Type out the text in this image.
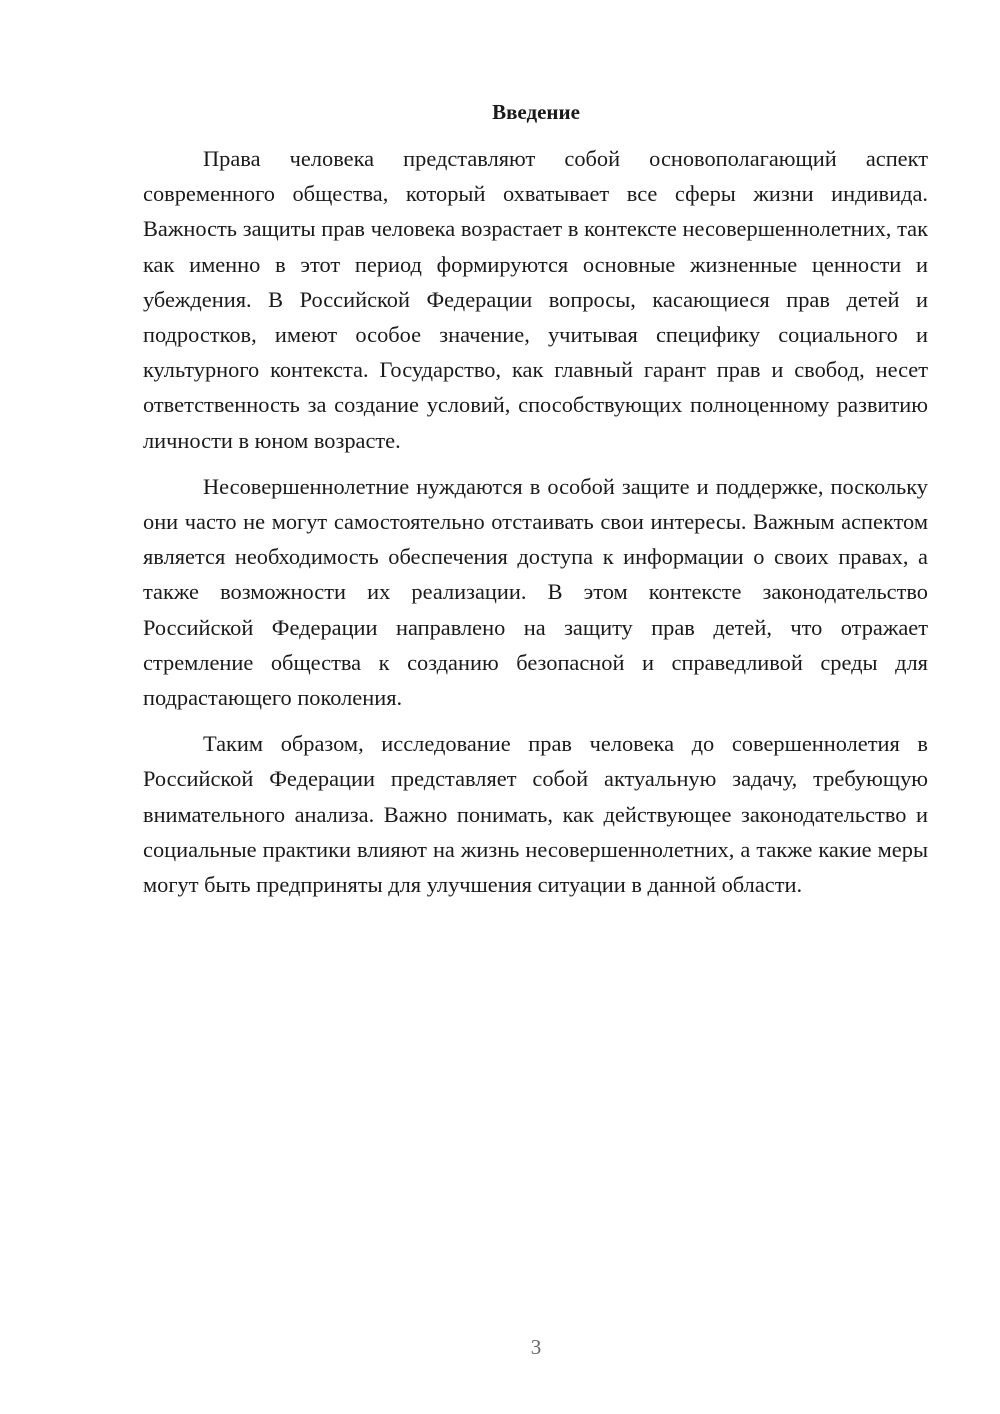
Введение

Права человека представляют собой основополагающий аспект современного общества, который охватывает все сферы жизни индивида. Важность защиты прав человека возрастает в контексте несовершеннолетних, так как именно в этот период формируются основные жизненные ценности и убеждения. В Российской Федерации вопросы, касающиеся прав детей и подростков, имеют особое значение, учитывая специфику социального и культурного контекста. Государство, как главный гарант прав и свобод, несет ответственность за создание условий, способствующих полноценному развитию личности в юном возрасте.

Несовершеннолетние нуждаются в особой защите и поддержке, поскольку они часто не могут самостоятельно отстаивать свои интересы. Важным аспектом является необходимость обеспечения доступа к информации о своих правах, а также возможности их реализации. В этом контексте законодательство Российской Федерации направлено на защиту прав детей, что отражает стремление общества к созданию безопасной и справедливой среды для подрастающего поколения.

Таким образом, исследование прав человека до совершеннолетия в Российской Федерации представляет собой актуальную задачу, требующую внимательного анализа. Важно понимать, как действующее законодательство и социальные практики влияют на жизнь несовершеннолетних, а также какие меры могут быть предприняты для улучшения ситуации в данной области.

3
